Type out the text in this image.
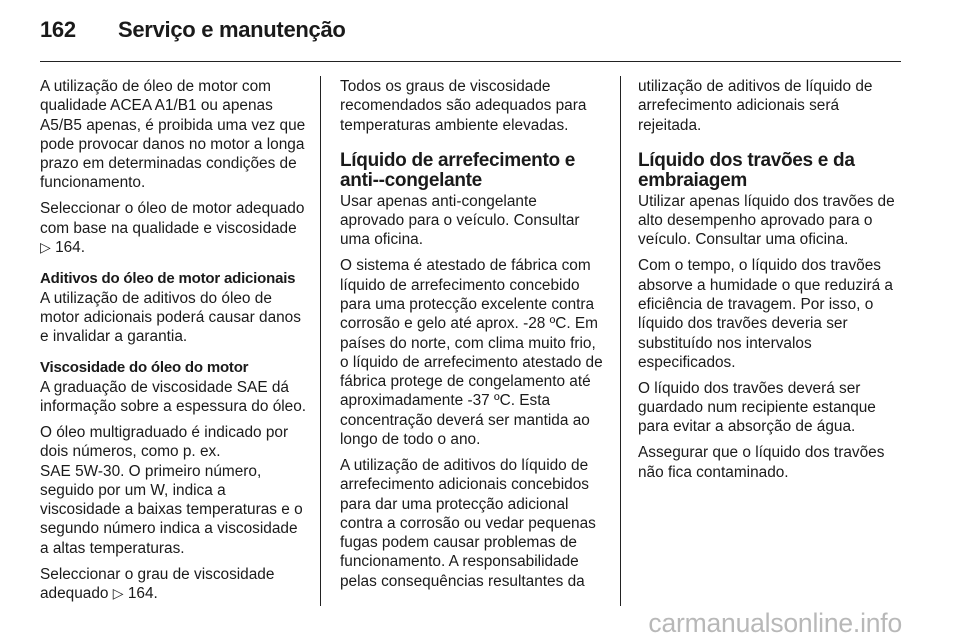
162 Serviço e manutenção

A utilização de óleo de motor com qualidade ACEA A1/B1 ou apenas A5/B5 apenas, é proibida uma vez que pode provocar danos no motor a longa prazo em determinadas condições de funcionamento.

Seleccionar o óleo de motor adequado com base na qualidade e viscosidade ▷ 164.

Aditivos do óleo de motor adicionais

A utilização de aditivos do óleo de motor adicionais poderá causar danos e invalidar a garantia.

Viscosidade do óleo do motor

A graduação de viscosidade SAE dá informação sobre a espessura do óleo.

O óleo multigraduado é indicado por dois números, como p. ex.
SAE 5W-30. O primeiro número, seguido por um W, indica a viscosidade a baixas temperaturas e o segundo número indica a viscosidade a altas temperaturas.

Seleccionar o grau de viscosidade adequado ▷ 164.

Todos os graus de viscosidade recomendados são adequados para temperaturas ambiente elevadas.

Líquido de arrefecimento e anti--congelante

Usar apenas anti-congelante aprovado para o veículo. Consultar uma oficina.

O sistema é atestado de fábrica com líquido de arrefecimento concebido para uma protecção excelente contra corrosão e gelo até aprox. -28 ºC. Em países do norte, com clima muito frio, o líquido de arrefecimento atestado de fábrica protege de congelamento até aproximadamente -37 ºC. Esta concentração deverá ser mantida ao longo de todo o ano.

A utilização de aditivos do líquido de arrefecimento adicionais concebidos para dar uma protecção adicional contra a corrosão ou vedar pequenas fugas podem causar problemas de funcionamento. A responsabilidade pelas consequências resultantes da

utilização de aditivos de líquido de arrefecimento adicionais será rejeitada.

Líquido dos travões e da embraiagem

Utilizar apenas líquido dos travões de alto desempenho aprovado para o veículo. Consultar uma oficina.

Com o tempo, o líquido dos travões absorve a humidade o que reduzirá a eficiência de travagem. Por isso, o líquido dos travões deveria ser substituído nos intervalos especificados.

O líquido dos travões deverá ser guardado num recipiente estanque para evitar a absorção de água.

Assegurar que o líquido dos travões não fica contaminado.

carmanualsonline.info
